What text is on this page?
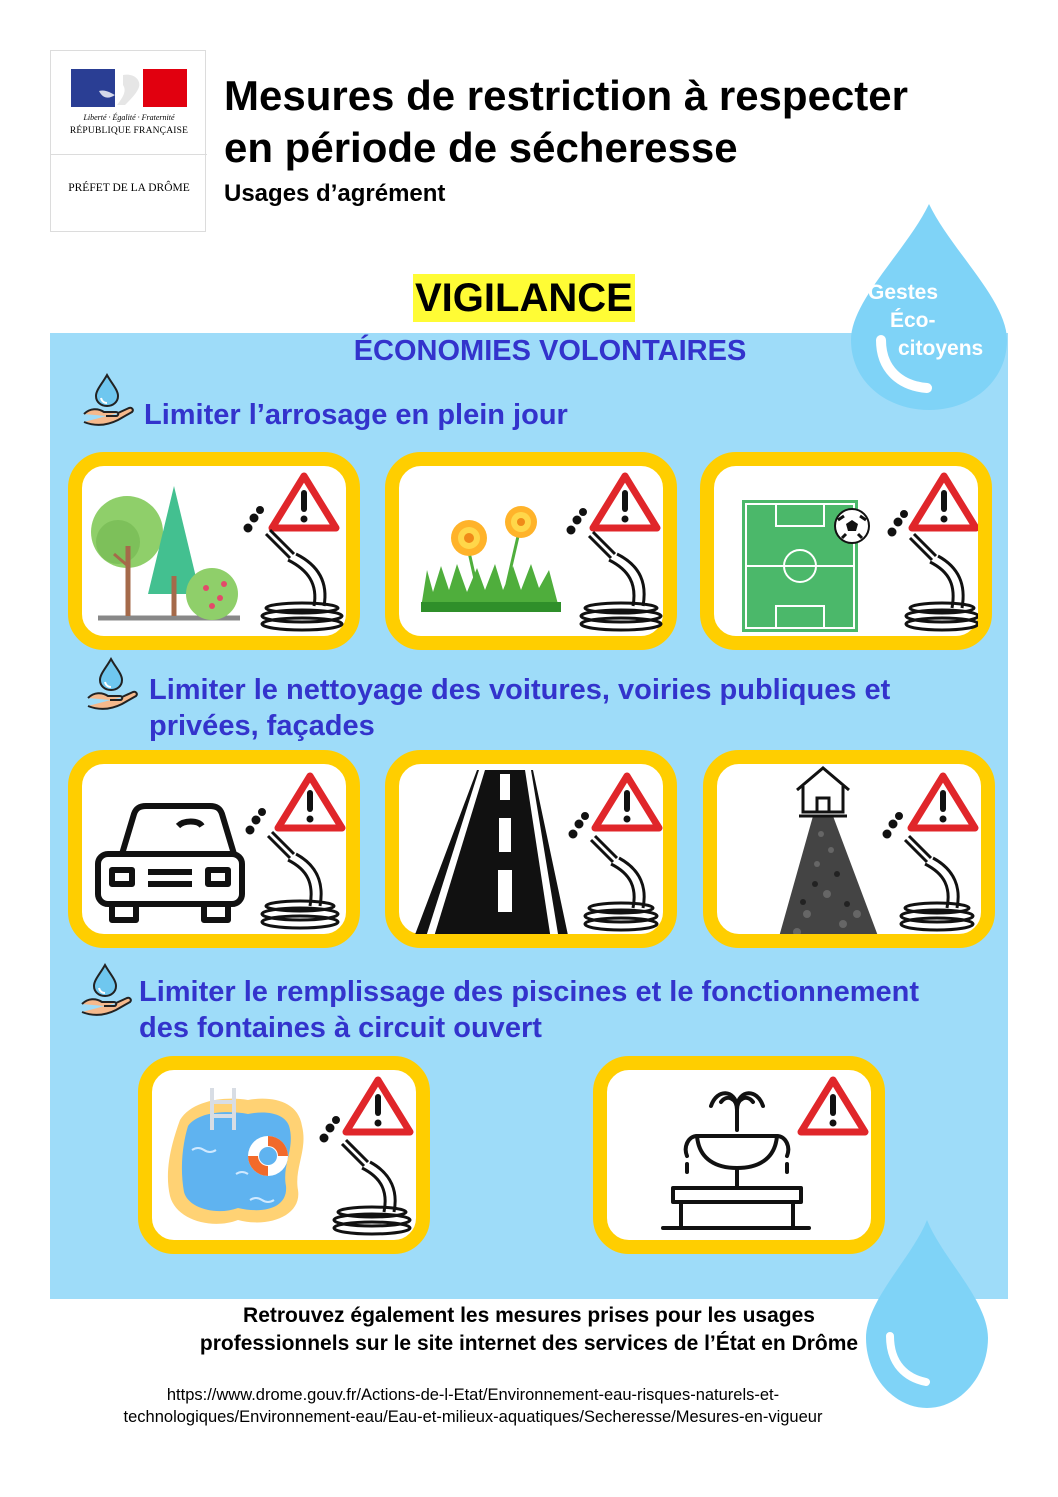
Liberté · Égalité · Fraternité
RÉPUBLIQUE FRANÇAISE
PRÉFET DE LA DRÔME
Mesures de restriction à respecter
en période de sécheresse
Usages d’agrément
Gestes
Éco-
citoyens
VIGILANCE
ÉCONOMIES VOLONTAIRES
Limiter l’arrosage en plein jour
Limiter le nettoyage des voitures, voiries publiques et
privées, façades
Limiter le remplissage des piscines et le fonctionnement
des fontaines à circuit ouvert
Retrouvez également les mesures prises pour les usages
professionnels sur le site internet des services de l’État en Drôme
https://www.drome.gouv.fr/Actions-de-l-Etat/Environnement-eau-risques-naturels-et-
technologiques/Environnement-eau/Eau-et-milieux-aquatiques/Secheresse/Mesures-en-vigueur
